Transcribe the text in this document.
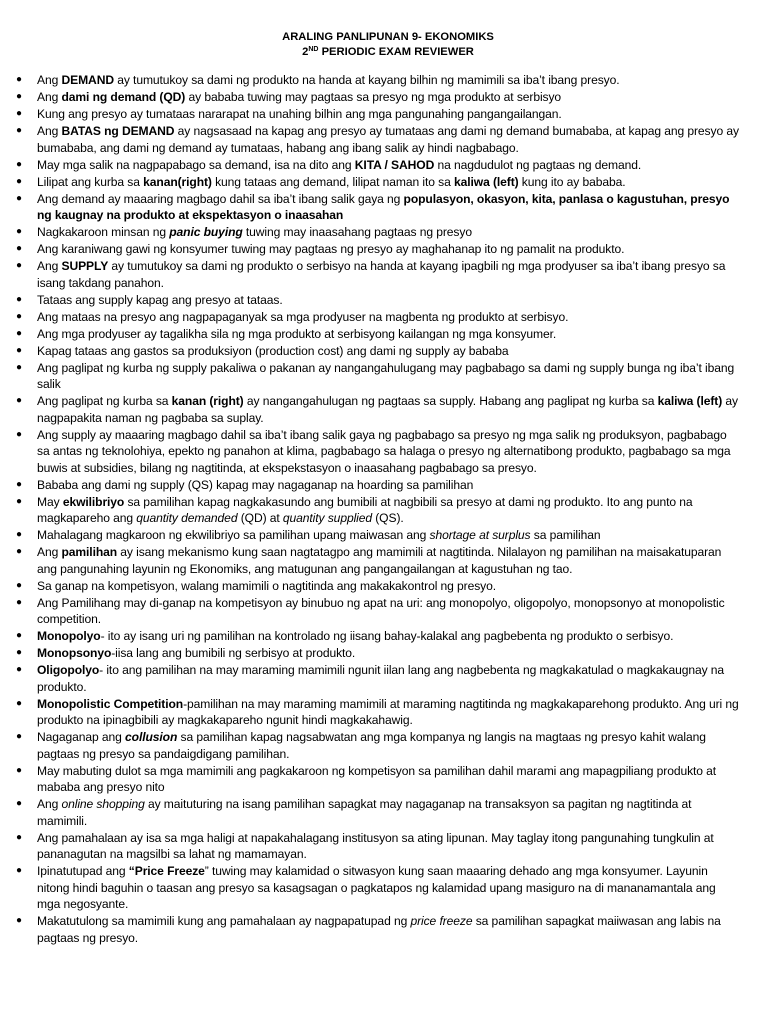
ARALING PANLIPUNAN 9- EKONOMIKS
2ND PERIODIC EXAM REVIEWER
●	Ang DEMAND ay tumutukoy sa dami ng produkto na handa at kayang bilhin ng mamimili sa iba’t ibang presyo.
●	Ang dami ng demand (QD) ay bababa tuwing may pagtaas sa presyo ng mga produkto at serbisyo
●	Kung ang presyo ay tumataas nararapat na unahing bilhin ang mga pangunahing pangangailangan.
●	Ang BATAS ng DEMAND ay nagsasaad na kapag ang presyo ay tumataas ang dami ng demand bumababa, at kapag ang presyo ay bumababa, ang dami ng demand ay tumataas, habang ang ibang salik ay hindi nagbabago.
●	May mga salik na nagpapabago sa demand, isa na dito ang KITA / SAHOD na nagdudulot ng pagtaas ng demand.
●	Lilipat ang kurba sa kanan(right) kung tataas ang demand, lilipat naman ito sa kaliwa (left) kung ito ay bababa.
●	Ang demand ay maaaring magbago dahil sa iba’t ibang salik gaya ng populasyon, okasyon, kita, panlasa o kagustuhan, presyo ng kaugnay na produkto at ekspektasyon o inaasahan
●	Nagkakaroon minsan ng panic buying tuwing may inaasahang pagtaas ng presyo
●	Ang karaniwang gawi ng konsyumer tuwing may pagtaas ng presyo ay maghahanap ito ng pamalit na produkto.
●	Ang SUPPLY ay tumutukoy sa dami ng produkto o serbisyo na handa at kayang ipagbili ng mga prodyuser sa iba’t ibang presyo sa isang takdang panahon.
●	Tataas ang supply kapag ang presyo at tataas.
●	Ang mataas na presyo ang nagpapaganyak sa mga prodyuser na magbenta ng produkto at serbisyo.
●	Ang mga prodyuser ay tagalikha sila ng mga produkto at serbisyong kailangan ng mga konsyumer.
●	Kapag tataas ang gastos sa produksiyon (production cost) ang dami ng supply ay bababa
●	Ang paglipat ng kurba ng supply pakaliwa o pakanan ay nangangahulugang may pagbabago sa dami ng supply bunga ng iba’t ibang salik
●	Ang paglipat ng kurba sa kanan (right) ay nangangahulugan ng pagtaas sa supply. Habang ang paglipat ng kurba sa kaliwa (left) ay nagpapakita naman ng pagbaba sa suplay.
●	Ang supply ay maaaring magbago dahil sa iba’t ibang salik gaya ng pagbabago sa presyo ng mga salik ng produksyon, pagbabago sa antas ng teknolohiya, epekto ng panahon at klima, pagbabago sa halaga o presyo ng alternatibong produkto, pagbabago sa mga buwis at subsidies, bilang ng nagtitinda, at ekspekstasyon o inaasahang pagbabago sa presyo.
●	Bababa ang dami ng supply (QS) kapag may nagaganap na hoarding sa pamilihan
●	May ekwilibriyo sa pamilihan kapag nagkakasundo ang bumibili at nagbibili sa presyo at dami ng produkto. Ito ang punto na magkapareho ang quantity demanded (QD) at quantity supplied (QS).
●	Mahalagang magkaroon ng ekwilibriyo sa pamilihan upang maiwasan ang shortage at surplus sa pamilihan
●	Ang pamilihan ay isang mekanismo kung saan nagtatagpo ang mamimili at nagtitinda. Nilalayon ng pamilihan na maisakatuparan ang pangunahing layunin ng Ekonomiks, ang matugunan ang pangangailangan at kagustuhan ng tao.
●	Sa ganap na kompetisyon, walang mamimili o nagtitinda ang makakakontrol ng presyo.
●	Ang Pamilihang may di-ganap na kompetisyon ay binubuo ng apat na uri: ang monopolyo, oligopolyo, monopsonyo at monopolistic competition.
●	Monopolyo- ito ay isang uri ng pamilihan na kontrolado ng iisang bahay-kalakal ang pagbebenta ng produkto o serbisyo.
●	Monopsonyo-iisa lang ang bumibili ng serbisyo at produkto.
●	Oligopolyo- ito ang pamilihan na may maraming mamimili ngunit iilan lang ang nagbebenta ng magkakatulad o magkakaugnay na produkto.
●	Monopolistic Competition-pamilihan na may maraming mamimili at maraming nagtitinda ng magkakaparehong produkto. Ang uri ng produkto na ipinagbibili ay magkakapareho ngunit hindi magkakahawig.
●	Nagaganap ang collusion sa pamilihan kapag nagsabwatan ang mga kompanya ng langis na magtaas ng presyo kahit walang pagtaas ng presyo sa pandaigdigang pamilihan.
●	May mabuting dulot sa mga mamimili ang pagkakaroon ng kompetisyon sa pamilihan dahil marami ang mapagpiliang produkto at mababa ang presyo nito
●	Ang online shopping ay maituturing na isang pamilihan sapagkat may nagaganap na transaksyon sa pagitan ng nagtitinda at mamimili.
●	Ang pamahalaan ay isa sa mga haligi at napakahalagang institusyon sa ating lipunan. May taglay itong pangunahing tungkulin at pananagutan na magsilbi sa lahat ng mamamayan.
●	Ipinatutupad ang “Price Freeze” tuwing may kalamidad o sitwasyon kung saan maaaring dehado ang mga konsyumer. Layunin nitong hindi baguhin o taasan ang presyo sa kasagsagan o pagkatapos ng kalamidad upang masiguro na di mananamantala ang mga negosyante.
●	Makatutulong sa mamimili kung ang pamahalaan ay nagpapatupad ng price freeze sa pamilihan sapagkat maiiwasan ang labis na pagtaas ng presyo.
